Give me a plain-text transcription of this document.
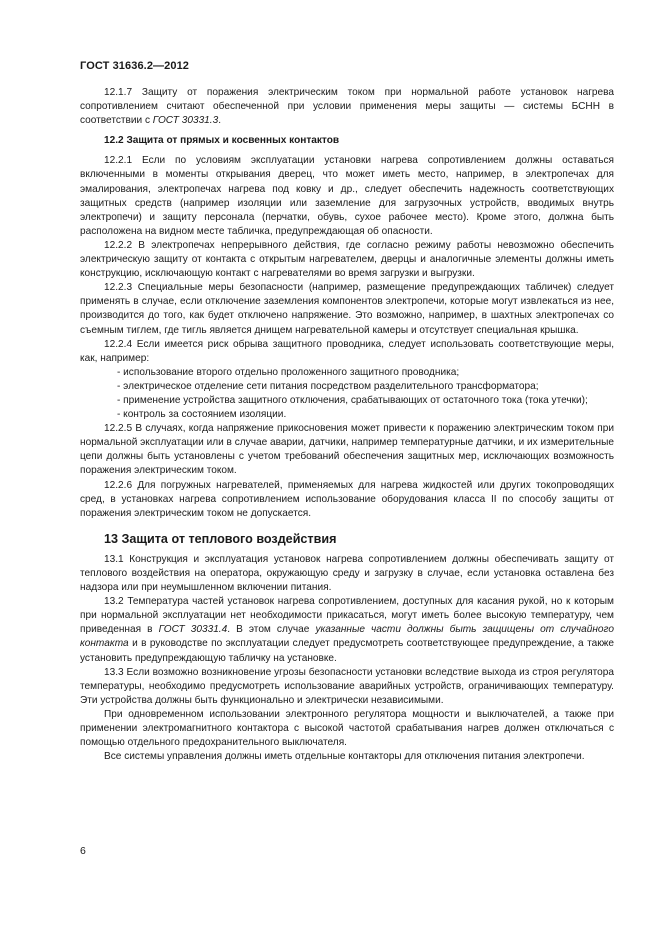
ГОСТ 31636.2—2012

12.1.7 Защиту от поражения электрическим током при нормальной работе установок нагрева сопротивлением считают обеспеченной при условии применения меры защиты — системы БСНН в соответствии с ГОСТ 30331.3.

12.2 Защита от прямых и косвенных контактов

12.2.1 Если по условиям эксплуатации установки нагрева сопротивлением должны оставаться включенными в моменты открывания дверец, что может иметь место, например, в электропечах для эмалирования, электропечах нагрева под ковку и др., следует обеспечить надежность соответствующих защитных средств (например изоляции или заземление для загрузочных устройств, вводимых внутрь электропечи) и защиту персонала (перчатки, обувь, сухое рабочее место). Кроме этого, должна быть расположена на видном месте табличка, предупреждающая об опасности.

12.2.2 В электропечах непрерывного действия, где согласно режиму работы невозможно обеспечить электрическую защиту от контакта с открытым нагревателем, дверцы и аналогичные элементы должны иметь конструкцию, исключающую контакт с нагревателями во время загрузки и выгрузки.

12.2.3 Специальные меры безопасности (например, размещение предупреждающих табличек) следует применять в случае, если отключение заземления компонентов электропечи, которые могут извлекаться из нее, производится до того, как будет отключено напряжение. Это возможно, например, в шахтных электропечах со съемным тиглем, где тигль является днищем нагревательной камеры и отсутствует специальная крышка.

12.2.4 Если имеется риск обрыва защитного проводника, следует использовать соответствующие меры, как, например:

- использование второго отдельно проложенного защитного проводника;

- электрическое отделение сети питания посредством разделительного трансформатора;

- применение устройства защитного отключения, срабатывающих от остаточного тока (тока утечки);

- контроль за состоянием изоляции.

12.2.5 В случаях, когда напряжение прикосновения может привести к поражению электрическим током при нормальной эксплуатации или в случае аварии, датчики, например температурные датчики, и их измерительные цепи должны быть установлены с учетом требований обеспечения защитных мер, исключающих возможность поражения электрическим током.

12.2.6 Для погружных нагревателей, применяемых для нагрева жидкостей или других токопроводящих сред, в установках нагрева сопротивлением использование оборудования класса II по способу защиты от поражения электрическим током не допускается.

13 Защита от теплового воздействия

13.1 Конструкция и эксплуатация установок нагрева сопротивлением должны обеспечивать защиту от теплового воздействия на оператора, окружающую среду и загрузку в случае, если установка оставлена без надзора или при неумышленном включении питания.

13.2 Температура частей установок нагрева сопротивлением, доступных для касания рукой, но к которым при нормальной эксплуатации нет необходимости прикасаться, могут иметь более высокую температуру, чем приведенная в ГОСТ 30331.4. В этом случае указанные части должны быть защищены от случайного контакта и в руководстве по эксплуатации следует предусмотреть соответствующее предупреждение, а также установить предупреждающую табличку на установке.

13.3 Если возможно возникновение угрозы безопасности установки вследствие выхода из строя регулятора температуры, необходимо предусмотреть использование аварийных устройств, ограничивающих температуру. Эти устройства должны быть функционально и электрически независимыми.

При одновременном использовании электронного регулятора мощности и выключателей, а также при применении электромагнитного контактора с высокой частотой срабатывания нагрев должен отключаться с помощью отдельного предохранительного выключателя.

Все системы управления должны иметь отдельные контакторы для отключения питания электропечи.

6
